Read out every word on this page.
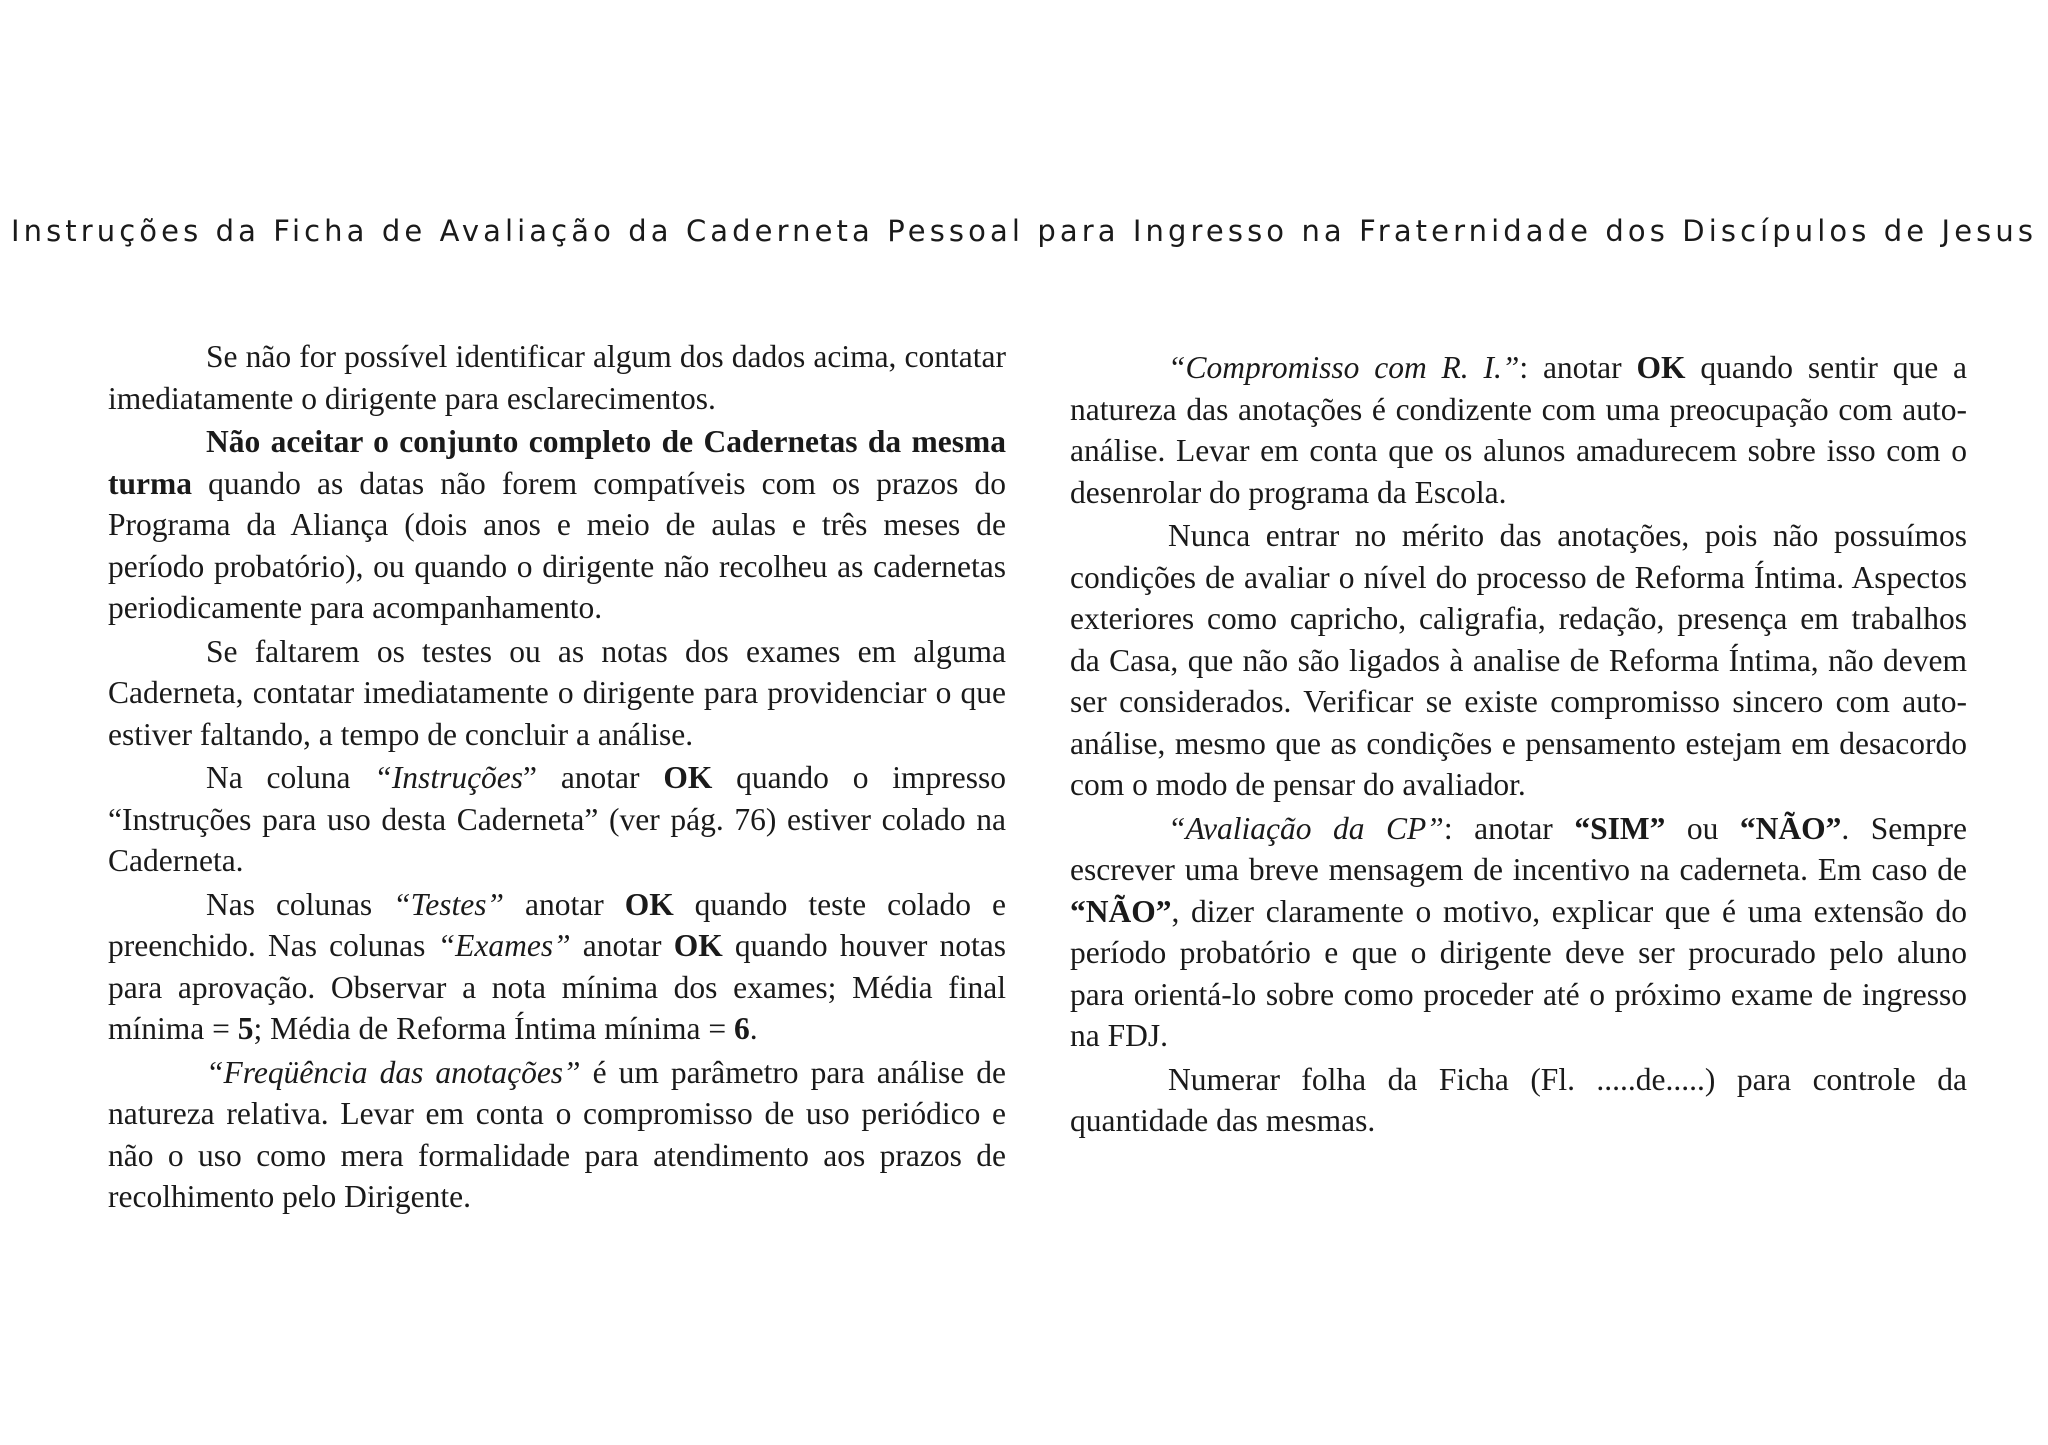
Instruções da Ficha de Avaliação da Caderneta Pessoal para Ingresso na Fraternidade dos Discípulos de Jesus

Se não for possível identificar algum dos dados acima, contatar imediatamente o dirigente para esclarecimentos.

Não aceitar o conjunto completo de Cadernetas da mesma turma quando as datas não forem compatíveis com os prazos do Programa da Aliança (dois anos e meio de aulas e três meses de período probatório), ou quando o dirigente não recolheu as cadernetas periodicamente para acompanhamento.

Se faltarem os testes ou as notas dos exames em alguma Caderneta, contatar imediatamente o dirigente para providenciar o que estiver faltando, a tempo de concluir a análise.

Na coluna “Instruções” anotar OK quando o impresso “Instruções para uso desta Caderneta” (ver pág. 76) estiver colado na Caderneta.

Nas colunas “Testes” anotar OK quando teste colado e preenchido. Nas colunas “Exames” anotar OK quando houver notas para aprovação. Observar a nota mínima dos exames; Média final mínima = 5; Média de Reforma Íntima mínima = 6.

“Freqüência das anotações” é um parâmetro para análise de natureza relativa. Levar em conta o compromisso de uso periódico e não o uso como mera formalidade para atendimento aos prazos de recolhimento pelo Dirigente.

“Compromisso com R. I.”: anotar OK quando sentir que a natureza das anotações é condizente com uma preocupação com auto-análise. Levar em conta que os alunos amadurecem sobre isso com o desenrolar do programa da Escola.

Nunca entrar no mérito das anotações, pois não possuímos condições de avaliar o nível do processo de Reforma Íntima. Aspectos exteriores como capricho, caligrafia, redação, presença em trabalhos da Casa, que não são ligados à analise de Reforma Íntima, não devem ser considerados. Verificar se existe compromisso sincero com auto-análise, mesmo que as condições e pensamento estejam em desacordo com o modo de pensar do avaliador.

“Avaliação da CP”: anotar “SIM” ou “NÃO”. Sempre escrever uma breve mensagem de incentivo na caderneta. Em caso de “NÃO”, dizer claramente o motivo, explicar que é uma extensão do período probatório e que o dirigente deve ser procurado pelo aluno para orientá-lo sobre como proceder até o próximo exame de ingresso na FDJ.

Numerar folha da Ficha (Fl. .....de.....) para controle da quantidade das mesmas.
